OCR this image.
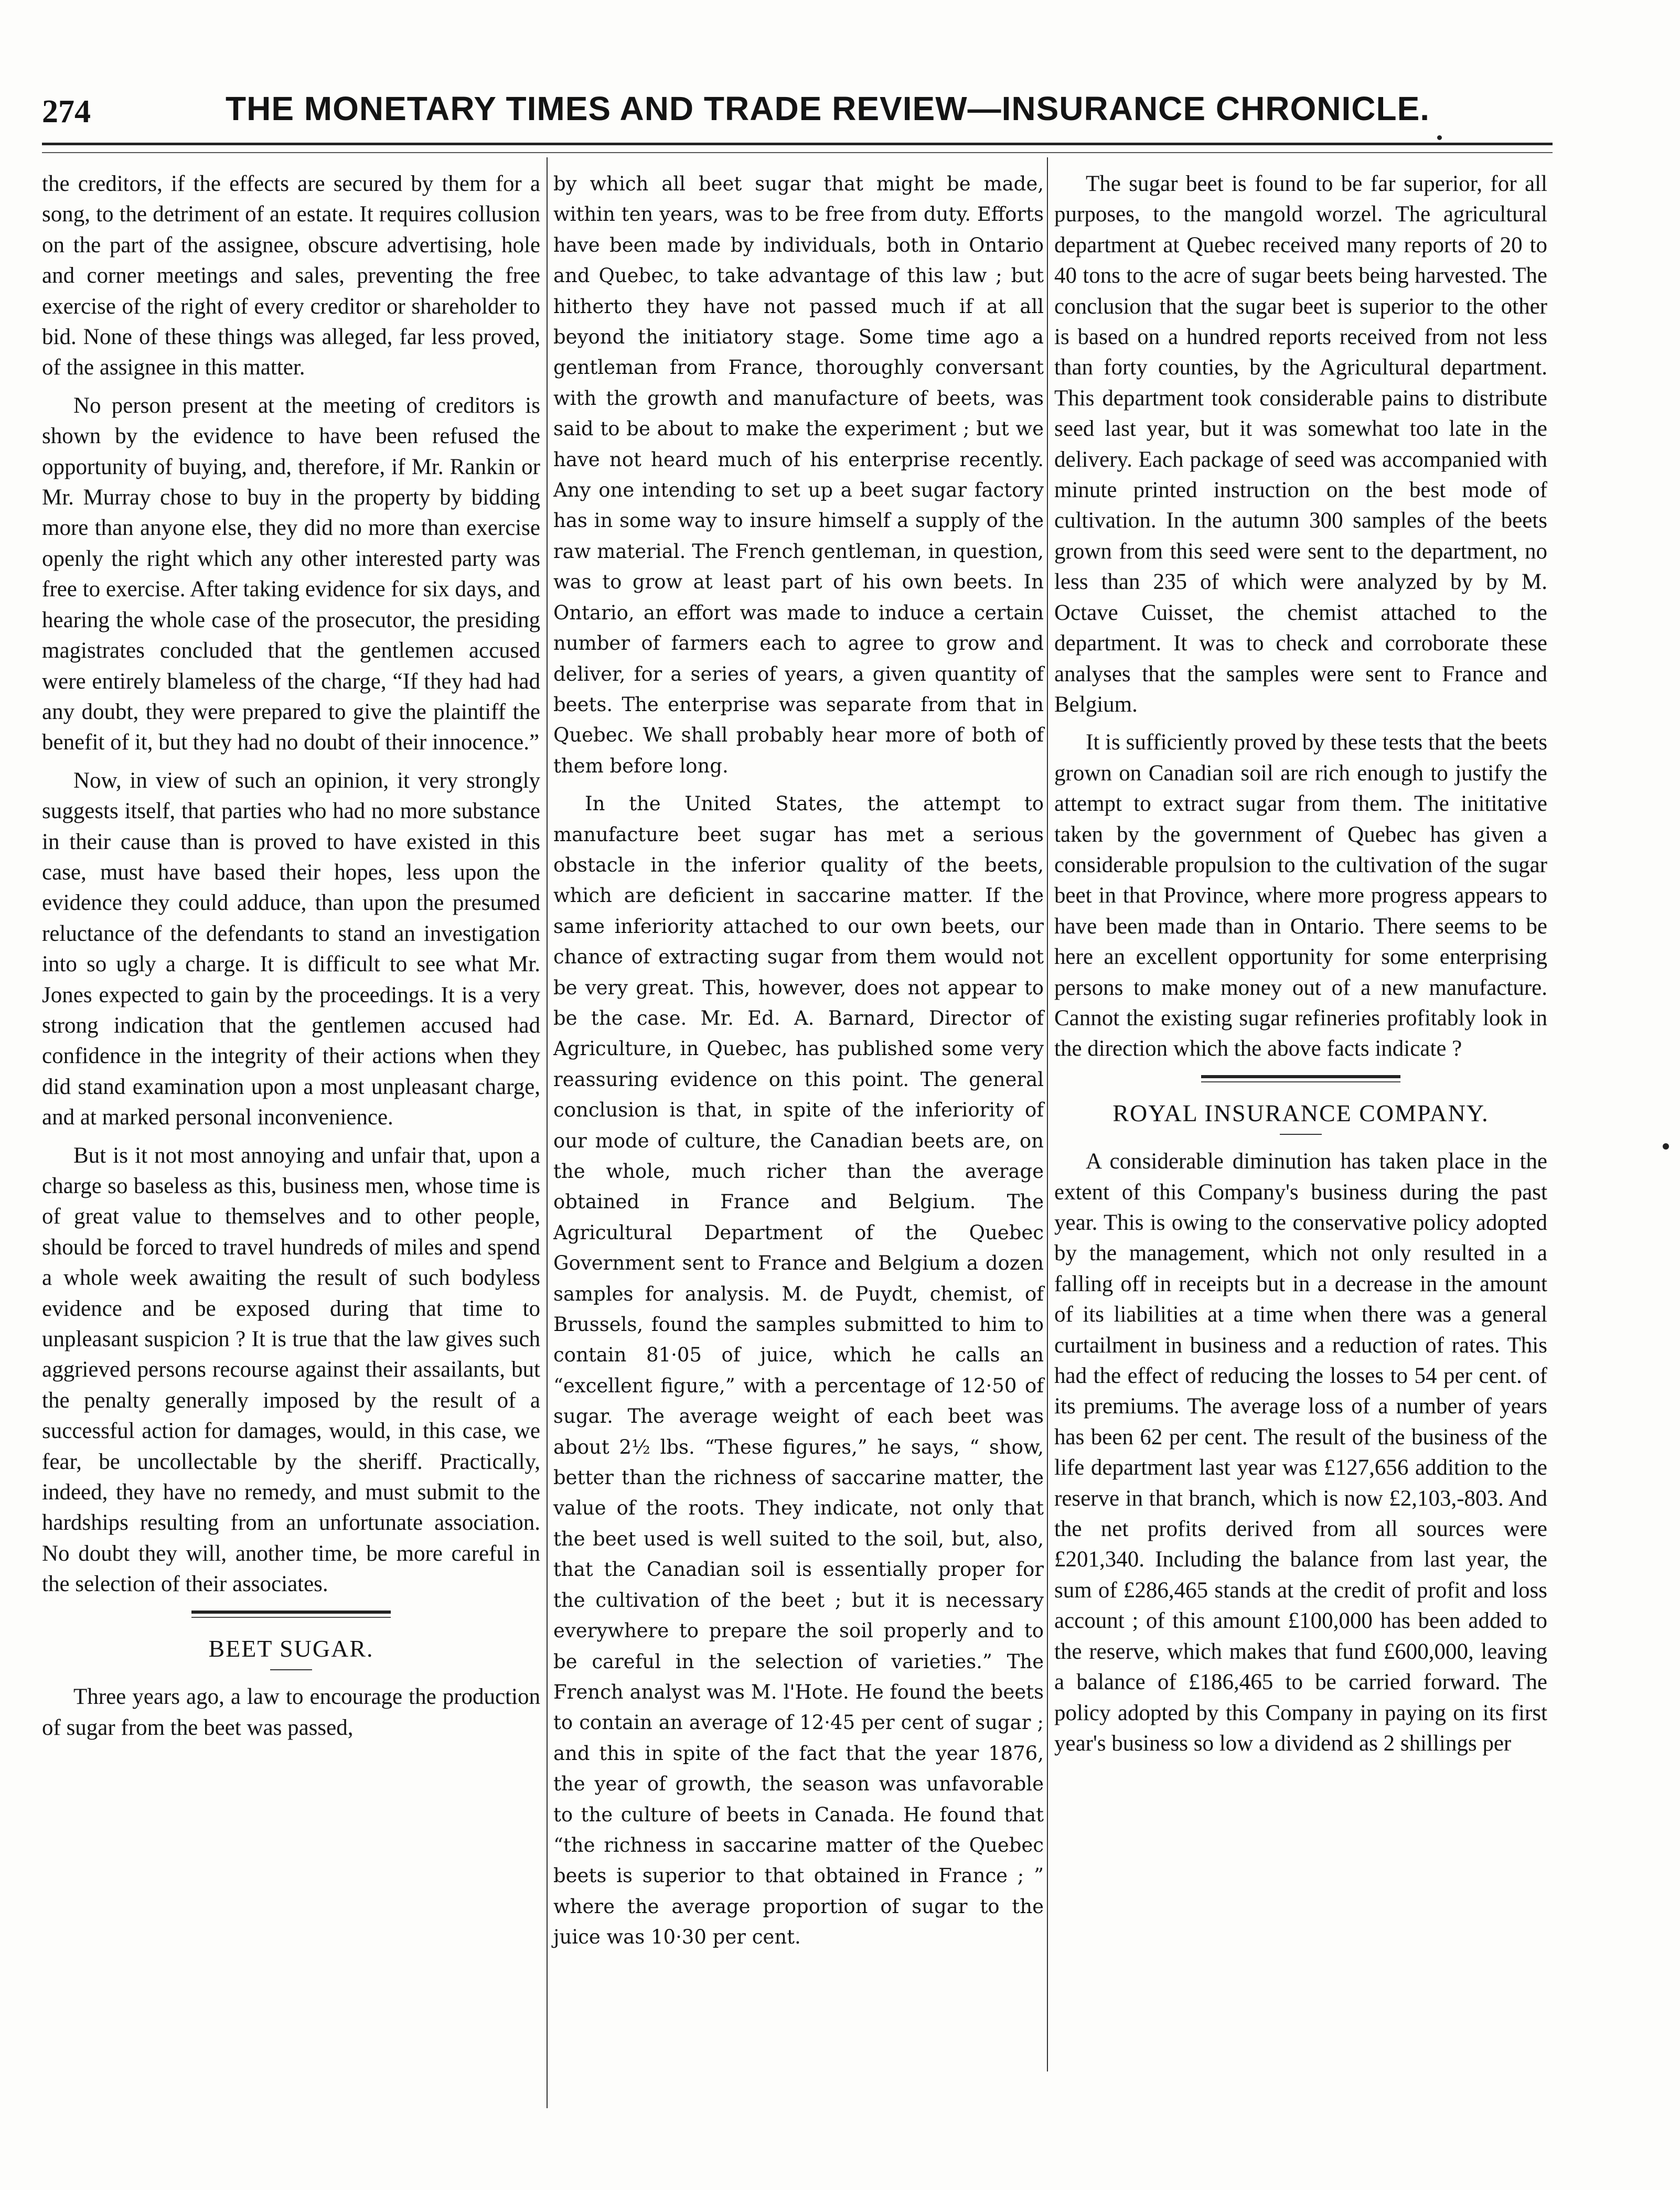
274	THE MONETARY TIMES AND TRADE REVIEW—INSURANCE CHRONICLE.

the creditors, if the effects are secured by them for a song, to the detriment of an estate. It requires collusion on the part of the assignee, obscure advertising, hole and corner meetings and sales, preventing the free exercise of the right of every creditor or shareholder to bid. None of these things was alleged, far less proved, of the assignee in this matter.

No person present at the meeting of creditors is shown by the evidence to have been refused the opportunity of buying, and, therefore, if Mr. Rankin or Mr. Murray chose to buy in the property by bidding more than anyone else, they did no more than exercise openly the right which any other interested party was free to exercise. After taking evidence for six days, and hearing the whole case of the prosecutor, the presiding magistrates concluded that the gentlemen accused were entirely blameless of the charge, “If they had had any doubt, they were prepared to give the plaintiff the benefit of it, but they had no doubt of their innocence.”

Now, in view of such an opinion, it very strongly suggests itself, that parties who had no more substance in their cause than is proved to have existed in this case, must have based their hopes, less upon the evidence they could adduce, than upon the presumed reluctance of the defendants to stand an investigation into so ugly a charge. It is difficult to see what Mr. Jones expected to gain by the proceedings. It is a very strong indication that the gentlemen accused had confidence in the integrity of their actions when they did stand examination upon a most unpleasant charge, and at marked personal inconvenience.

But is it not most annoying and unfair that, upon a charge so baseless as this, business men, whose time is of great value to themselves and to other people, should be forced to travel hundreds of miles and spend a whole week awaiting the result of such bodyless evidence and be exposed during that time to unpleasant suspicion ? It is true that the law gives such aggrieved persons recourse against their assailants, but the penalty generally imposed by the result of a successful action for damages, would, in this case, we fear, be uncollectable by the sheriff. Practically, indeed, they have no remedy, and must submit to the hardships resulting from an unfortunate association. No doubt they will, another time, be more careful in the selection of their associates.

BEET SUGAR.

Three years ago, a law to encourage the production of sugar from the beet was passed,

by which all beet sugar that might be made, within ten years, was to be free from duty. Efforts have been made by individuals, both in Ontario and Quebec, to take advantage of this law ; but hitherto they have not passed much if at all beyond the initiatory stage. Some time ago a gentleman from France, thoroughly conversant with the growth and manufacture of beets, was said to be about to make the experiment ; but we have not heard much of his enterprise recently. Any one intending to set up a beet sugar factory has in some way to insure himself a supply of the raw material. The French gentleman, in question, was to grow at least part of his own beets. In Ontario, an effort was made to induce a certain number of farmers each to agree to grow and deliver, for a series of years, a given quantity of beets. The enterprise was separate from that in Quebec. We shall probably hear more of both of them before long.

In the United States, the attempt to manufacture beet sugar has met a serious obstacle in the inferior quality of the beets, which are deficient in saccarine matter. If the same inferiority attached to our own beets, our chance of extracting sugar from them would not be very great. This, however, does not appear to be the case. Mr. Ed. A. Barnard, Director of Agriculture, in Quebec, has published some very reassuring evidence on this point. The general conclusion is that, in spite of the inferiority of our mode of culture, the Canadian beets are, on the whole, much richer than the average obtained in France and Belgium. The Agricultural Department of the Quebec Government sent to France and Belgium a dozen samples for analysis. M. de Puydt, chemist, of Brussels, found the samples submitted to him to contain 81·05 of juice, which he calls an “excellent figure,” with a percentage of 12·50 of sugar. The average weight of each beet was about 2½ lbs. “These figures,” he says, “ show, better than the richness of saccarine matter, the value of the roots. They indicate, not only that the beet used is well suited to the soil, but, also, that the Canadian soil is essentially proper for the cultivation of the beet ; but it is necessary everywhere to prepare the soil properly and to be careful in the selection of varieties.” The French analyst was M. l'Hote. He found the beets to contain an average of 12·45 per cent of sugar ; and this in spite of the fact that the year 1876, the year of growth, the season was unfavorable to the culture of beets in Canada. He found that “the richness in saccarine matter of the Quebec beets is superior to that obtained in France ; ” where the average proportion of sugar to the juice was 10·30 per cent.

The sugar beet is found to be far superior, for all purposes, to the mangold worzel. The agricultural department at Quebec received many reports of 20 to 40 tons to the acre of sugar beets being harvested. The conclusion that the sugar beet is superior to the other is based on a hundred reports received from not less than forty counties, by the Agricultural department. This department took considerable pains to distribute seed last year, but it was somewhat too late in the delivery. Each package of seed was accompanied with minute printed instruction on the best mode of cultivation. In the autumn 300 samples of the beets grown from this seed were sent to the department, no less than 235 of which were analyzed by by M. Octave Cuisset, the chemist attached to the department. It was to check and corroborate these analyses that the samples were sent to France and Belgium.

It is sufficiently proved by these tests that the beets grown on Canadian soil are rich enough to justify the attempt to extract sugar from them. The inititative taken by the government of Quebec has given a considerable propulsion to the cultivation of the sugar beet in that Province, where more progress appears to have been made than in Ontario. There seems to be here an excellent opportunity for some enterprising persons to make money out of a new manufacture. Cannot the existing sugar refineries profitably look in the direction which the above facts indicate ?

ROYAL INSURANCE COMPANY.

A considerable diminution has taken place in the extent of this Company's business during the past year. This is owing to the conservative policy adopted by the management, which not only resulted in a falling off in receipts but in a decrease in the amount of its liabilities at a time when there was a general curtailment in business and a reduction of rates. This had the effect of reducing the losses to 54 per cent. of its premiums. The average loss of a number of years has been 62 per cent. The result of the business of the life department last year was £127,656 addition to the reserve in that branch, which is now £2,103,-803. And the net profits derived from all sources were £201,340. Including the balance from last year, the sum of £286,465 stands at the credit of profit and loss account ; of this amount £100,000 has been added to the reserve, which makes that fund £600,000, leaving a balance of £186,465 to be carried forward. The policy adopted by this Company in paying on its first year's business so low a dividend as 2 shillings per
